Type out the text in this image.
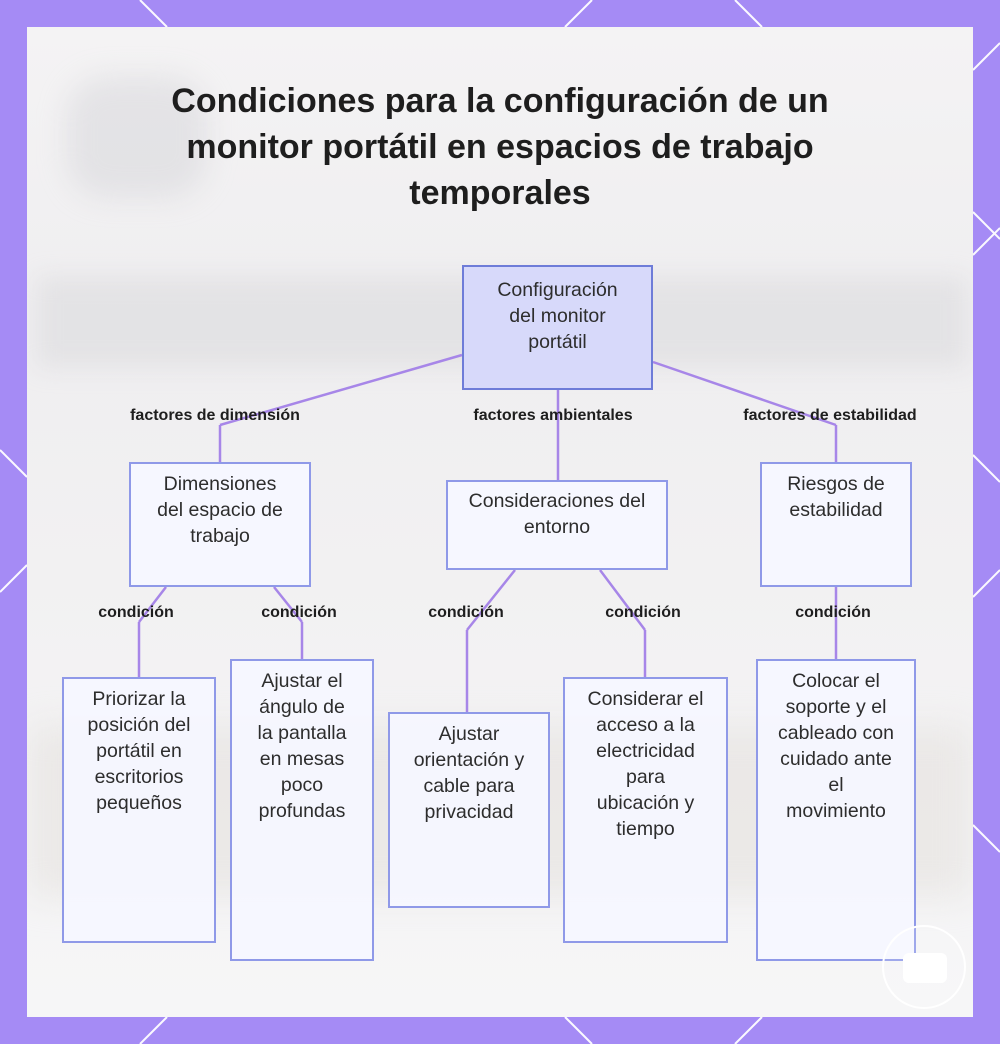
Condiciones para la configuración de un monitor portátil en espacios de trabajo temporales
Configuración del monitor portátil
factores de dimensión	factores ambientales	factores de estabilidad
Dimensiones del espacio de trabajo
Consideraciones del entorno
Riesgos de estabilidad
condición	condición	condición	condición	condición
Priorizar la posición del portátil en escritorios pequeños
Ajustar el ángulo de la pantalla en mesas poco profundas
Ajustar orientación y cable para privacidad
Considerar el acceso a la electricidad para ubicación y tiempo
Colocar el soporte y el cableado con cuidado ante el movimiento
